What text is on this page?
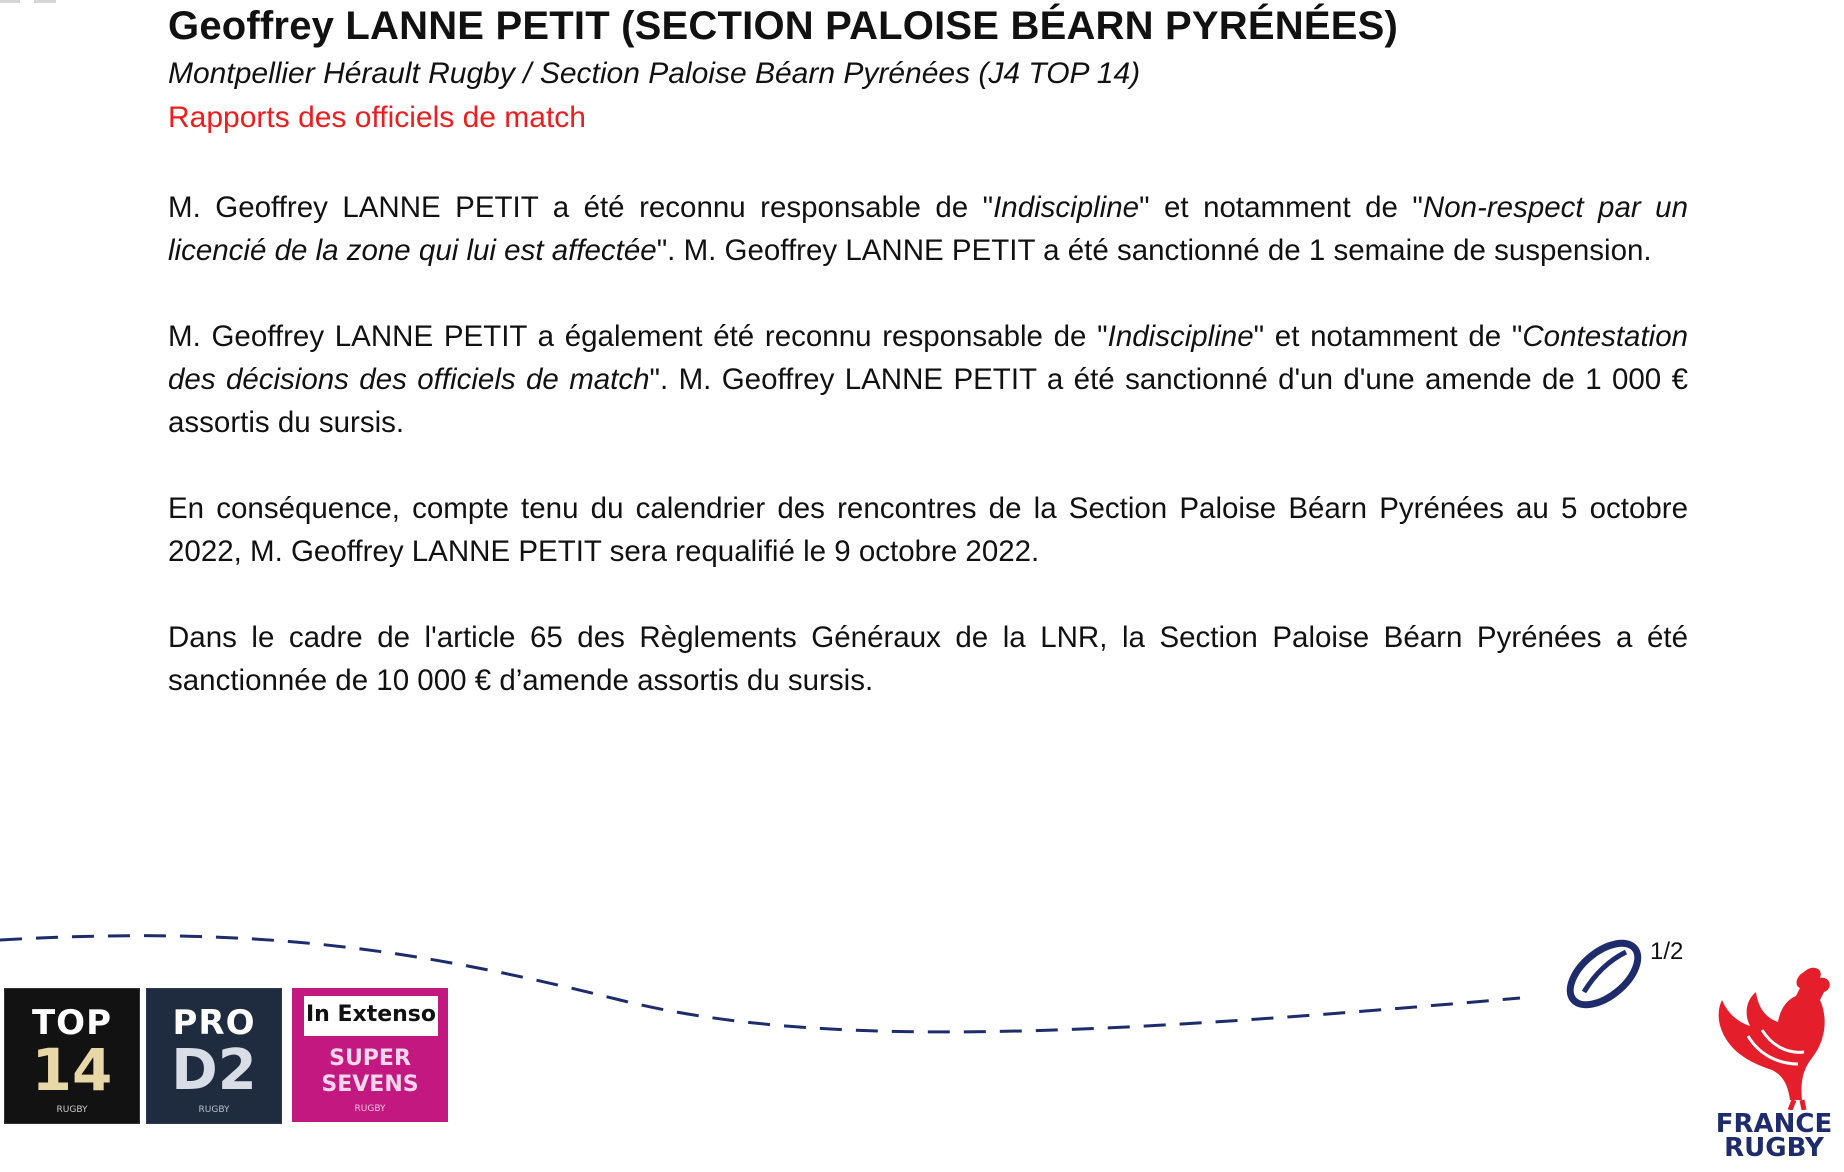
Geoffrey LANNE PETIT (SECTION PALOISE BÉARN PYRÉNÉES)
Montpellier Hérault Rugby / Section Paloise Béarn Pyrénées (J4 TOP 14)
Rapports des officiels de match

M. Geoffrey LANNE PETIT a été reconnu responsable de "Indiscipline" et notamment de "Non-respect par un licencié de la zone qui lui est affectée". M. Geoffrey LANNE PETIT a été sanctionné de 1 semaine de suspension.

M. Geoffrey LANNE PETIT a également été reconnu responsable de "Indiscipline" et notamment de "Contestation des décisions des officiels de match". M. Geoffrey LANNE PETIT a été sanctionné d'un d'une amende de 1 000 € assortis du sursis.

En conséquence, compte tenu du calendrier des rencontres de la Section Paloise Béarn Pyrénées au 5 octobre 2022, M. Geoffrey LANNE PETIT sera requalifié le 9 octobre 2022.

Dans le cadre de l'article 65 des Règlements Généraux de la LNR, la Section Paloise Béarn Pyrénées a été sanctionnée de 10 000 € d’amende assortis du sursis.

1/2
TOP
14
RUGBY
PRO
D2
RUGBY
In Extenso
SUPER
SEVENS
RUGBY	FRANCE
RUGBY
